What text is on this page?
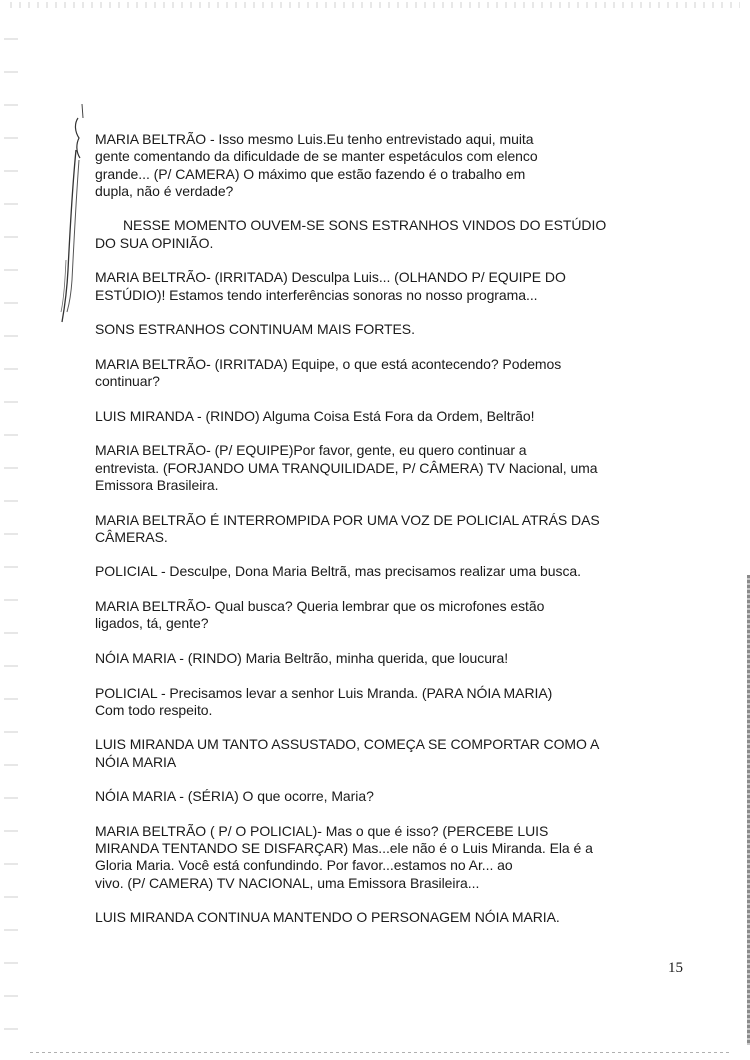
MARIA BELTRÃO - Isso mesmo Luis.Eu tenho entrevistado aqui, muita
gente comentando da dificuldade de se manter espetáculos com elenco
grande... (P/ CAMERA) O máximo que estão fazendo é o trabalho em
dupla, não é verdade?

NESSE MOMENTO OUVEM-SE SONS ESTRANHOS VINDOS DO ESTÚDIO
DO SUA OPINIÃO.

MARIA BELTRÃO- (IRRITADA) Desculpa Luis... (OLHANDO P/ EQUIPE DO
ESTÚDIO)! Estamos tendo interferências sonoras no nosso programa...

SONS ESTRANHOS CONTINUAM MAIS FORTES.

MARIA BELTRÃO- (IRRITADA) Equipe, o que está acontecendo? Podemos
continuar?

LUIS MIRANDA - (RINDO) Alguma Coisa Está Fora da Ordem, Beltrão!

MARIA BELTRÃO- (P/ EQUIPE)Por favor, gente, eu quero continuar a
entrevista. (FORJANDO UMA TRANQUILIDADE, P/ CÂMERA) TV Nacional, uma
Emissora Brasileira.

MARIA BELTRÃO É INTERROMPIDA POR UMA VOZ DE POLICIAL ATRÁS DAS
CÂMERAS.

POLICIAL - Desculpe, Dona Maria Beltrã, mas precisamos realizar uma busca.

MARIA BELTRÃO- Qual busca? Queria lembrar que os microfones estão
ligados, tá, gente?

NÓIA MARIA - (RINDO) Maria Beltrão, minha querida, que loucura!

POLICIAL - Precisamos levar a senhor Luis Mranda. (PARA NÓIA MARIA)
Com todo respeito.

LUIS MIRANDA UM TANTO ASSUSTADO, COMEÇA SE COMPORTAR COMO A
NÓIA MARIA

NÓIA MARIA - (SÉRIA) O que ocorre, Maria?

MARIA BELTRÃO ( P/ O POLICIAL)- Mas o que é isso? (PERCEBE LUIS
MIRANDA TENTANDO SE DISFARÇAR) Mas...ele não é o Luis Miranda. Ela é a
Gloria Maria. Você está confundindo. Por favor...estamos no Ar... ao
vivo. (P/ CAMERA) TV NACIONAL, uma Emissora Brasileira...

LUIS MIRANDA CONTINUA MANTENDO O PERSONAGEM NÓIA MARIA.

15
